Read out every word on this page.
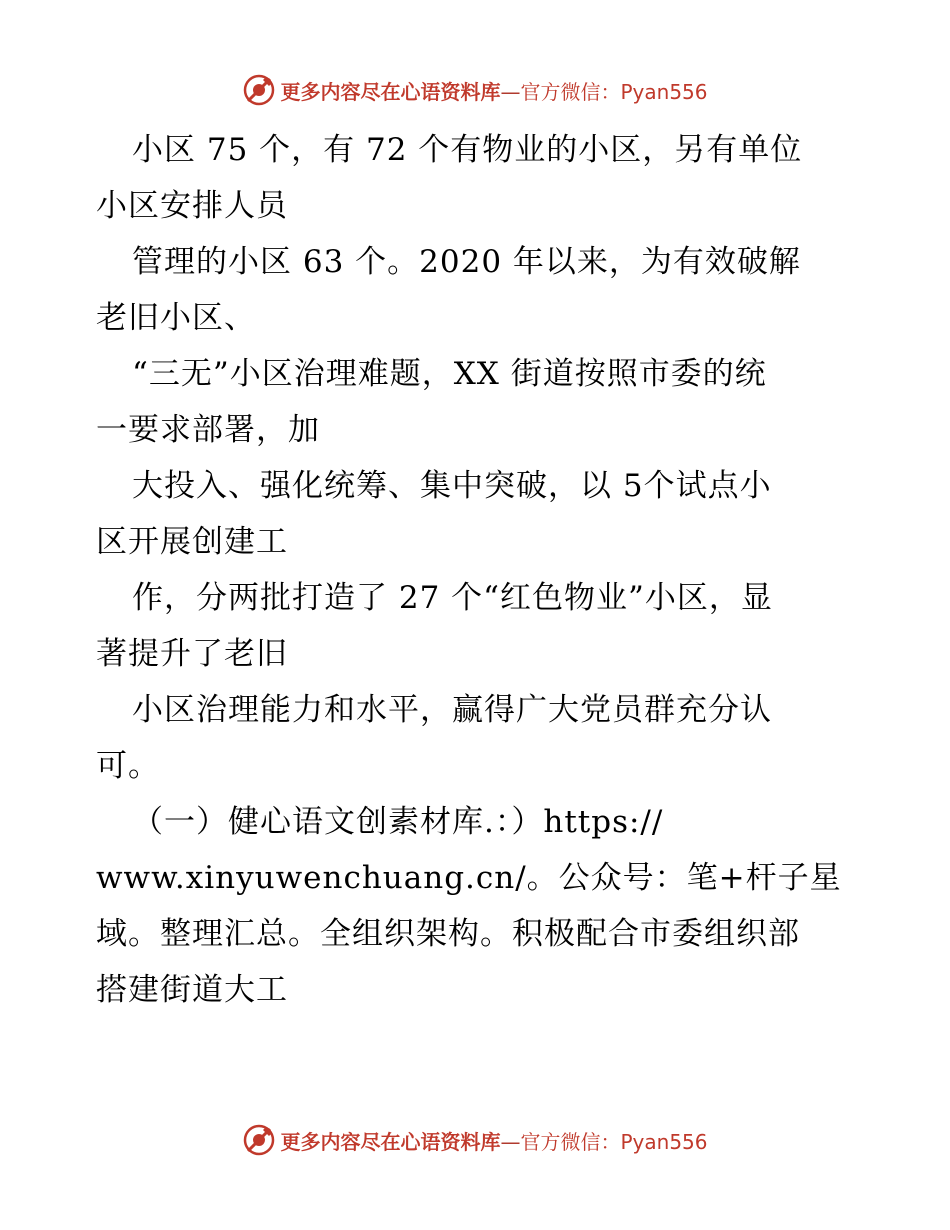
更多内容尽在心语资料库—官方微信：Pyan556
小区 75 个，有 72 个有物业的小区，另有单位
小区安排人员
管理的小区 63 个。2020 年以来，为有效破解
老旧小区、
“三无”小区治理难题，XX 街道按照市委的统
一要求部署，加
大投入、强化统筹、集中突破，以 5个试点小
区开展创建工
作，分两批打造了 27 个“红色物业”小区，显
著提升了老旧
小区治理能力和水平，赢得广大党员群充分认
可。
（一）健心语文创素材库.：）https://
www.xinyuwenchuang.cn/。公众号：笔+杆子星
域。整理汇总。全组织架构。积极配合市委组织部
搭建街道大工
更多内容尽在心语资料库—官方微信：Pyan556
